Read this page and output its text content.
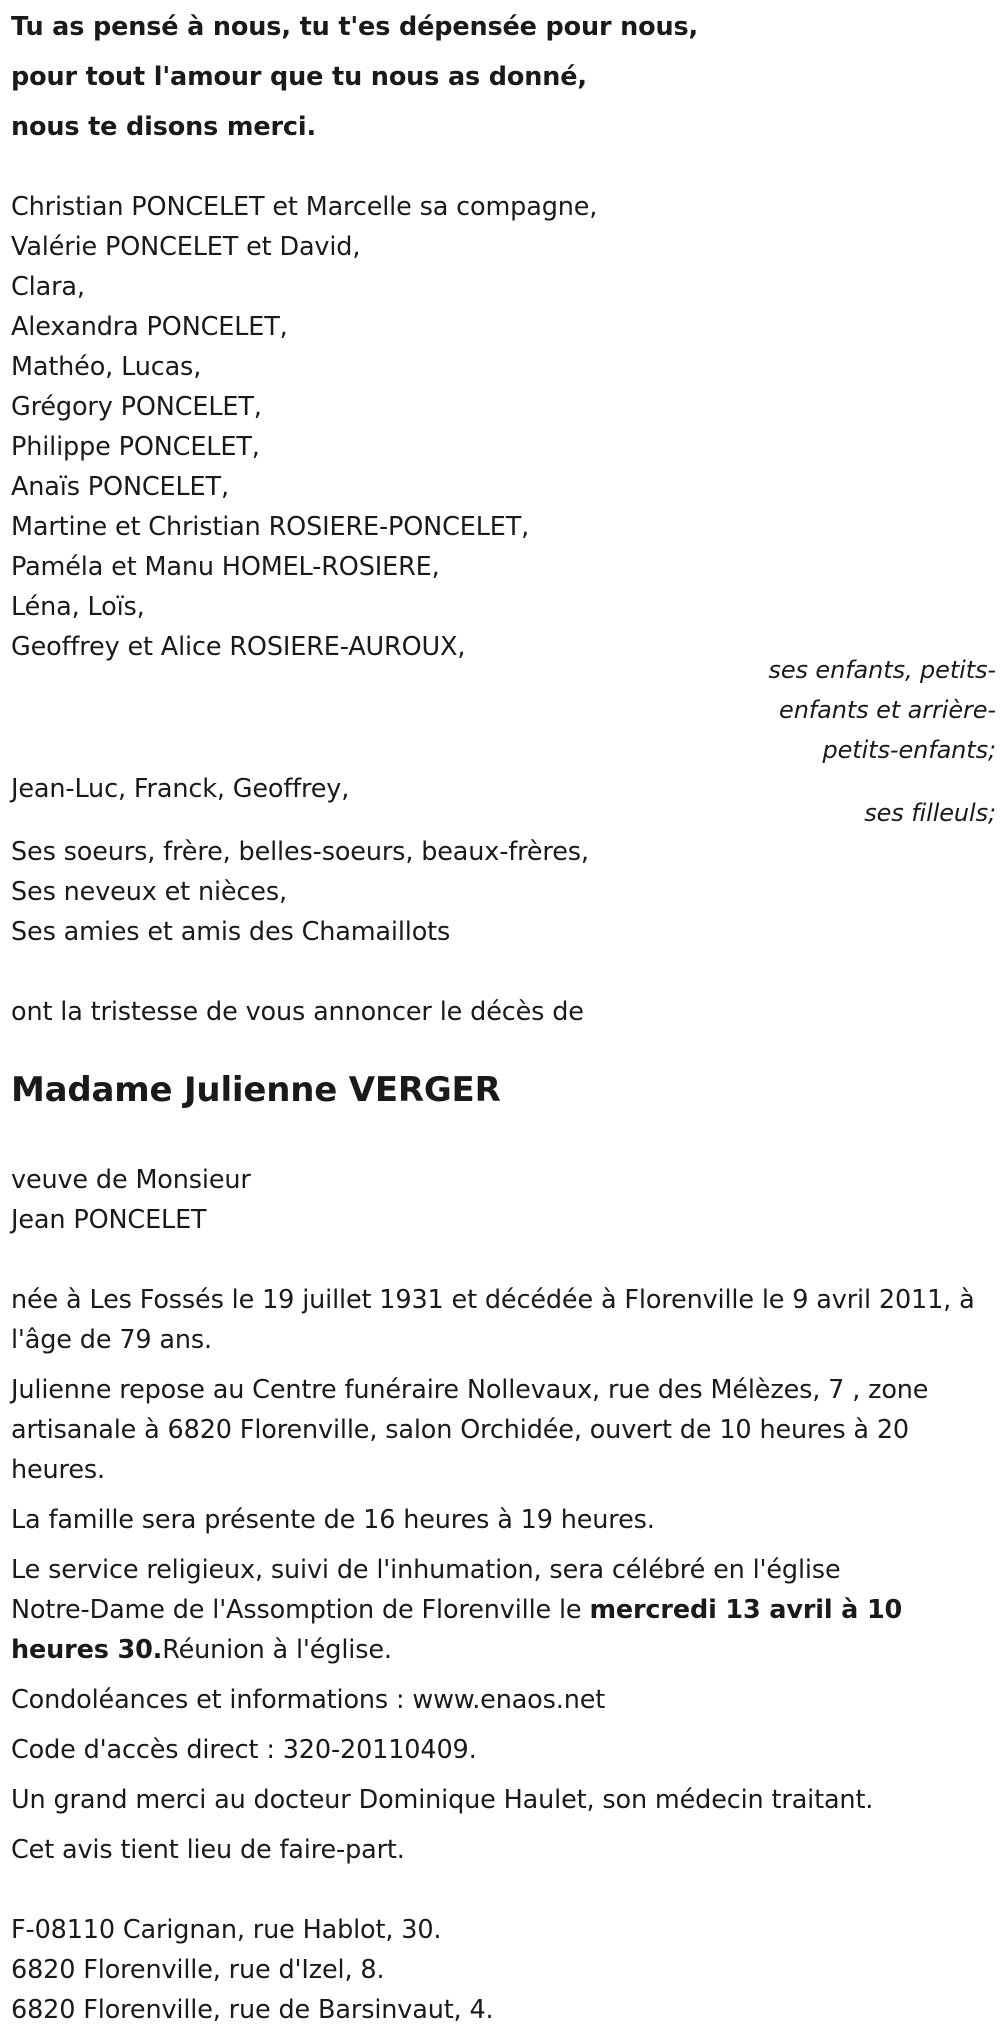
Tu as pensé à nous, tu t'es dépensée pour nous,
pour tout l'amour que tu nous as donné,
nous te disons merci.
Christian PONCELET et Marcelle sa compagne,
Valérie PONCELET et David,
Clara,
Alexandra PONCELET,
Mathéo, Lucas,
Grégory PONCELET,
Philippe PONCELET,
Anaïs PONCELET,
Martine et Christian ROSIERE-PONCELET,
Paméla et Manu HOMEL-ROSIERE,
Léna, Loïs,
Geoffrey et Alice ROSIERE-AUROUX,
ses enfants, petits-
enfants et arrière-
petits-enfants;
Jean-Luc, Franck, Geoffrey,
ses filleuls;
Ses soeurs, frère, belles-soeurs, beaux-frères,
Ses neveux et nièces,
Ses amies et amis des Chamaillots
ont la tristesse de vous annoncer le décès de
Madame Julienne VERGER
veuve de Monsieur
Jean PONCELET
née à Les Fossés le 19 juillet 1931 et décédée à Florenville le 9 avril 2011, à
l'âge de 79 ans.
Julienne repose au Centre funéraire Nollevaux, rue des Mélèzes, 7 , zone
artisanale à 6820 Florenville, salon Orchidée, ouvert de 10 heures à 20
heures.
La famille sera présente de 16 heures à 19 heures.
Le service religieux, suivi de l'inhumation, sera célébré en l'église
Notre-Dame de l'Assomption de Florenville le mercredi 13 avril à 10
heures 30.Réunion à l'église.
Condoléances et informations : www.enaos.net
Code d'accès direct : 320-20110409.
Un grand merci au docteur Dominique Haulet, son médecin traitant.
Cet avis tient lieu de faire-part.
F-08110 Carignan, rue Hablot, 30.
6820 Florenville, rue d'Izel, 8.
6820 Florenville, rue de Barsinvaut, 4.
